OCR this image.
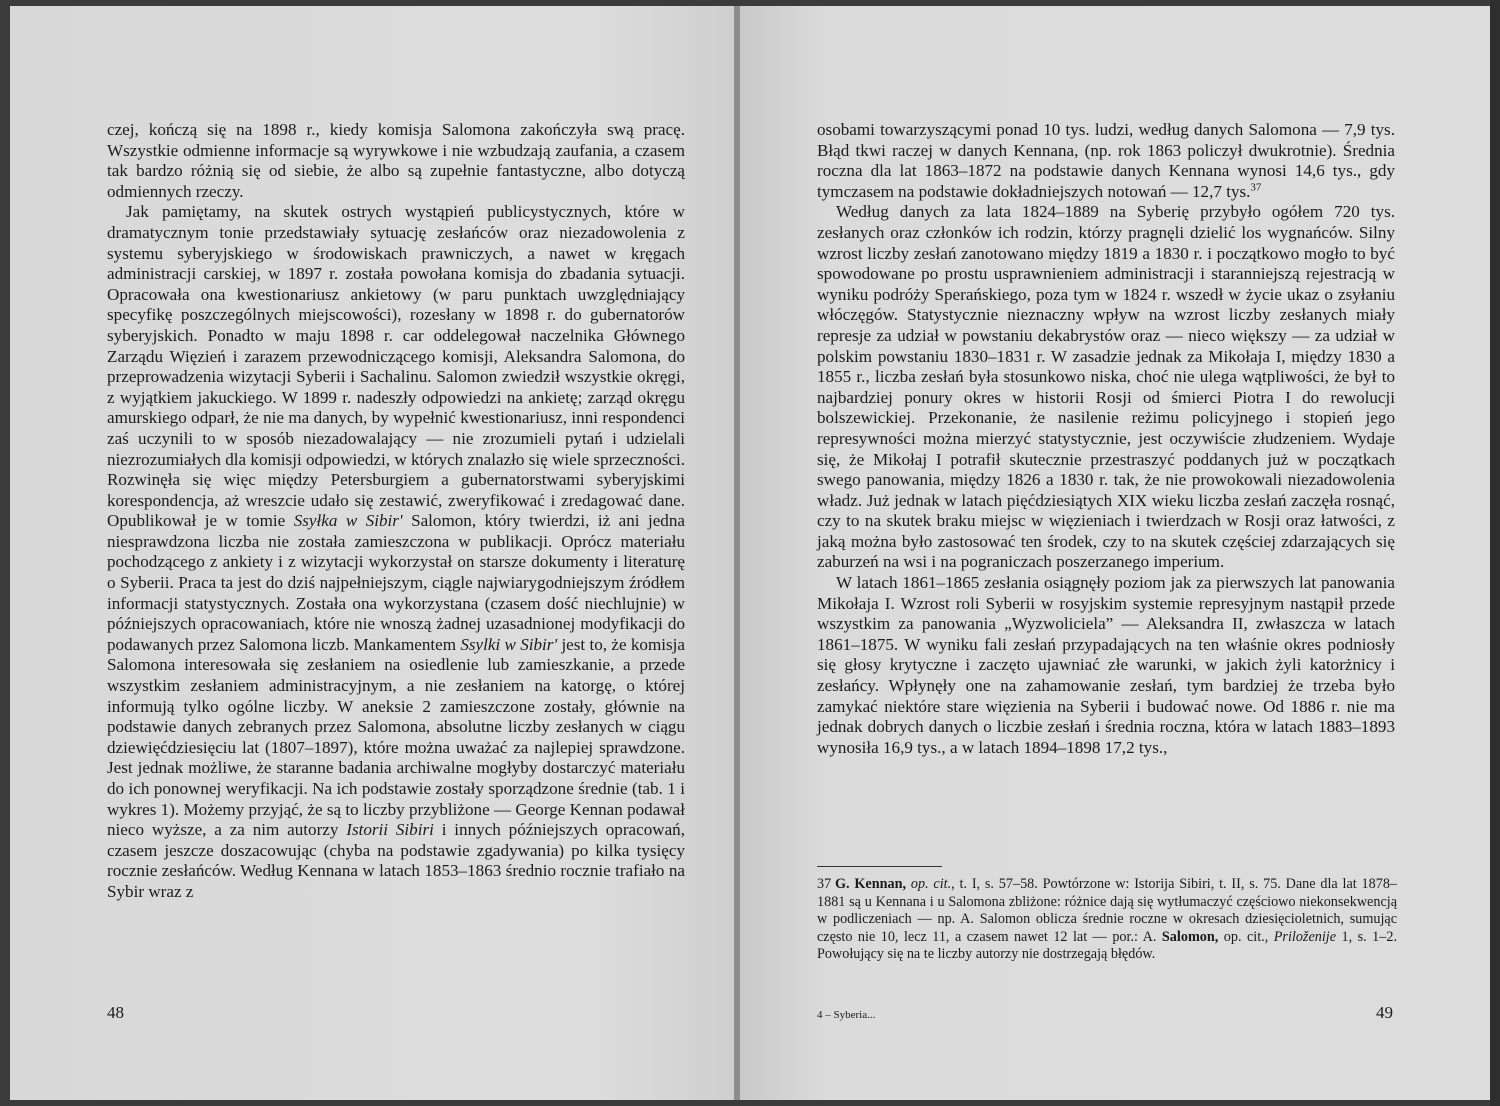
czej, kończą się na 1898 r., kiedy komisja Salomona zakończyła swą pracę. Wszystkie odmienne informacje są wyrywkowe i nie wzbudzają zaufania, a czasem tak bardzo różnią się od siebie, że albo są zupełnie fantastyczne, albo dotyczą odmiennych rzeczy.

Jak pamiętamy, na skutek ostrych wystąpień publicystycznych, które w dramatycznym tonie przedstawiały sytuację zesłańców oraz niezadowolenia z systemu syberyjskiego w środowiskach prawniczych, a nawet w kręgach administracji carskiej, w 1897 r. została powołana komisja do zbadania sytuacji. Opracowała ona kwestionariusz ankietowy (w paru punktach uwzględniający specyfikę poszczególnych miejscowości), rozesłany w 1898 r. do gubernatorów syberyjskich. Ponadto w maju 1898 r. car oddelegował naczelnika Głównego Zarządu Więzień i zarazem przewodniczącego komisji, Aleksandra Salomona, do przeprowadzenia wizytacji Syberii i Sachalinu. Salomon zwiedził wszystkie okręgi, z wyjątkiem jakuckiego. W 1899 r. nadeszły odpowiedzi na ankietę; zarząd okręgu amurskiego odparł, że nie ma danych, by wypełnić kwestionariusz, inni respondenci zaś uczynili to w sposób niezadowalający — nie zrozumieli pytań i udzielali niezrozumiałych dla komisji odpowiedzi, w których znalazło się wiele sprzeczności. Rozwinęła się więc między Petersburgiem a gubernatorstwami syberyjskimi korespondencja, aż wreszcie udało się zestawić, zweryfikować i zredagować dane. Opublikował je w tomie Ssyłka w Sibir' Salomon, który twierdzi, iż ani jedna niesprawdzona liczba nie została zamieszczona w publikacji. Oprócz materiału pochodzącego z ankiety i z wizytacji wykorzystał on starsze dokumenty i literaturę o Syberii. Praca ta jest do dziś najpełniejszym, ciągle najwiarygodniejszym źródłem informacji statystycznych. Została ona wykorzystana (czasem dość niechlujnie) w późniejszych opracowaniach, które nie wnoszą żadnej uzasadnionej modyfikacji do podawanych przez Salomona liczb. Mankamentem Ssylki w Sibir' jest to, że komisja Salomona interesowała się zesłaniem na osiedlenie lub zamieszkanie, a przede wszystkim zesłaniem administracyjnym, a nie zesłaniem na katorgę, o której informują tylko ogólne liczby. W aneksie 2 zamieszczone zostały, głównie na podstawie danych zebranych przez Salomona, absolutne liczby zesłanych w ciągu dziewięćdziesięciu lat (1807–1897), które można uważać za najlepiej sprawdzone. Jest jednak możliwe, że staranne badania archiwalne mogłyby dostarczyć materiału do ich ponownej weryfikacji. Na ich podstawie zostały sporządzone średnie (tab. 1 i wykres 1). Możemy przyjąć, że są to liczby przybliżone — George Kennan podawał nieco wyższe, a za nim autorzy Istorii Sibiri i innych późniejszych opracowań, czasem jeszcze doszacowując (chyba na podstawie zgadywania) po kilka tysięcy rocznie zesłańców. Według Kennana w latach 1853–1863 średnio rocznie trafiało na Sybir wraz z

48

osobami towarzyszącymi ponad 10 tys. ludzi, według danych Salomona — 7,9 tys. Błąd tkwi raczej w danych Kennana, (np. rok 1863 policzył dwukrotnie). Średnia roczna dla lat 1863–1872 na podstawie danych Kennana wynosi 14,6 tys., gdy tymczasem na podstawie dokładniejszych notowań — 12,7 tys.$^{37}$

Według danych za lata 1824–1889 na Syberię przybyło ogółem 720 tys. zesłanych oraz członków ich rodzin, którzy pragnęli dzielić los wygnańców. Silny wzrost liczby zesłań zanotowano między 1819 a 1830 r. i początkowo mogło to być spowodowane po prostu usprawnieniem administracji i staranniejszą rejestracją w wyniku podróży Sperańskiego, poza tym w 1824 r. wszedł w życie ukaz o zsyłaniu włóczęgów. Statystycznie nieznaczny wpływ na wzrost liczby zesłanych miały represje za udział w powstaniu dekabrystów oraz — nieco większy — za udział w polskim powstaniu 1830–1831 r. W zasadzie jednak za Mikołaja I, między 1830 a 1855 r., liczba zesłań była stosunkowo niska, choć nie ulega wątpliwości, że był to najbardziej ponury okres w historii Rosji od śmierci Piotra I do rewolucji bolszewickiej. Przekonanie, że nasilenie reżimu policyjnego i stopień jego represywności można mierzyć statystycznie, jest oczywiście złudzeniem. Wydaje się, że Mikołaj I potrafił skutecznie przestraszyć poddanych już w początkach swego panowania, między 1826 a 1830 r. tak, że nie prowokowali niezadowolenia władz. Już jednak w latach pięćdziesiątych XIX wieku liczba zesłań zaczęła rosnąć, czy to na skutek braku miejsc w więzieniach i twierdzach w Rosji oraz łatwości, z jaką można było zastosować ten środek, czy to na skutek częściej zdarzających się zaburzeń na wsi i na pograniczach poszerzanego imperium.

W latach 1861–1865 zesłania osiągnęły poziom jak za pierwszych lat panowania Mikołaja I. Wzrost roli Syberii w rosyjskim systemie represyjnym nastąpił przede wszystkim za panowania „Wyzwoliciela” — Aleksandra II, zwłaszcza w latach 1861–1875. W wyniku fali zesłań przypadających na ten właśnie okres podniosły się głosy krytyczne i zaczęto ujawniać złe warunki, w jakich żyli katorżnicy i zesłańcy. Wpłynęły one na zahamowanie zesłań, tym bardziej że trzeba było zamykać niektóre stare więzienia na Syberii i budować nowe. Od 1886 r. nie ma jednak dobrych danych o liczbie zesłań i średnia roczna, która w latach 1883–1893 wynosiła 16,9 tys., a w latach 1894–1898 17,2 tys.,

37 G. Kennan, op. cit., t. I, s. 57–58. Powtórzone w: Istorija Sibiri, t. II, s. 75. Dane dla lat 1878–1881 są u Kennana i u Salomona zbliżone: różnice dają się wytłumaczyć częściowo niekonsekwencją w podliczeniach — np. A. Salomon oblicza średnie roczne w okresach dziesięcioletnich, sumując często nie 10, lecz 11, a czasem nawet 12 lat — por.: A. Salomon, op. cit., Priloženije 1, s. 1–2. Powołujący się na te liczby autorzy nie dostrzegają błędów.
4 – Syberia...	49
